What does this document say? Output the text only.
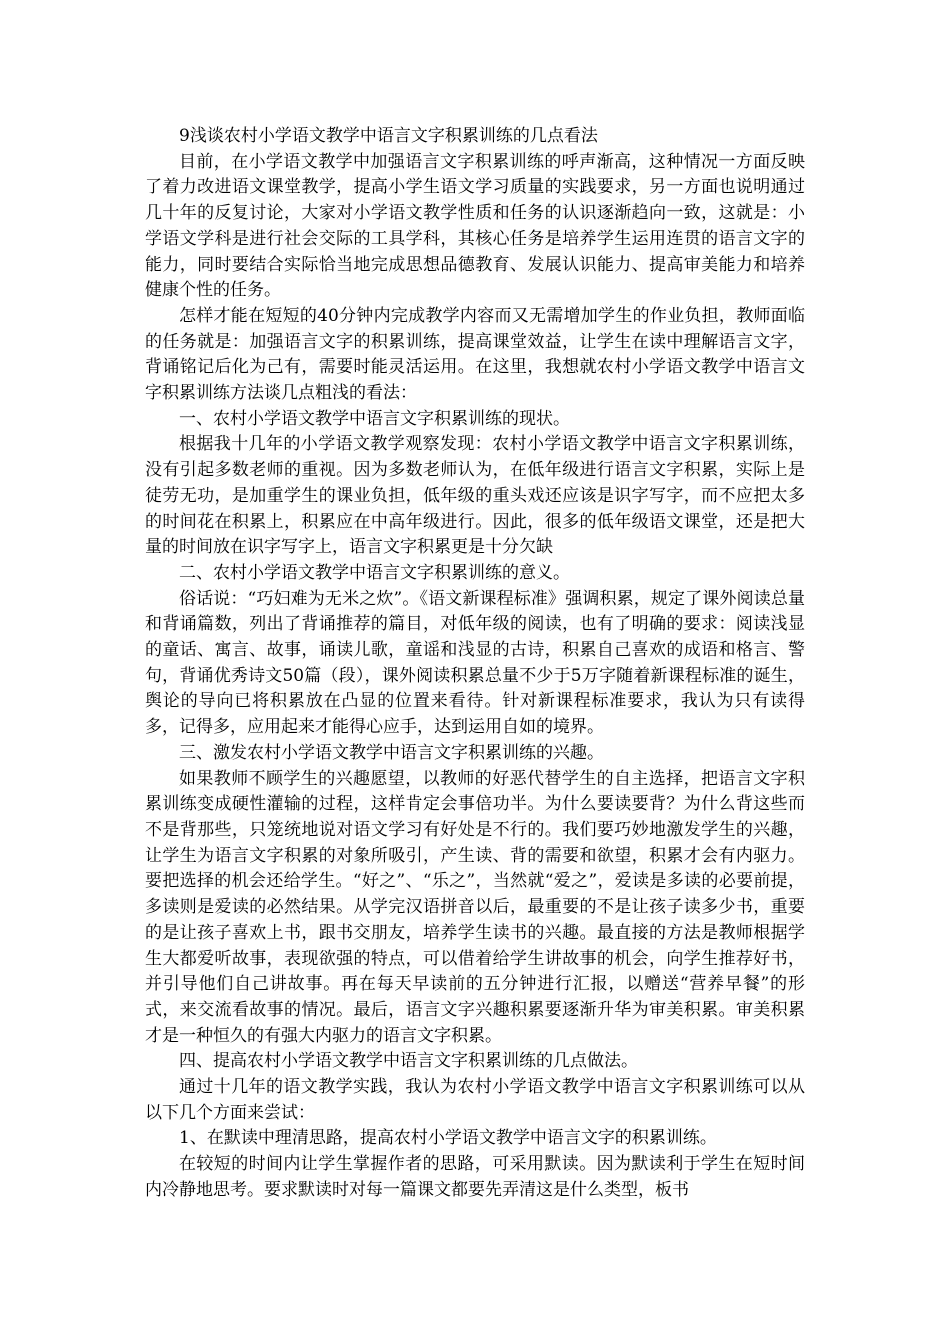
9浅谈农村小学语文教学中语言文字积累训练的几点看法

目前，在小学语文教学中加强语言文字积累训练的呼声渐高，这种情况一方面反映了着力改进语文课堂教学，提高小学生语文学习质量的实践要求，另一方面也说明通过几十年的反复讨论，大家对小学语文教学性质和任务的认识逐渐趋向一致，这就是：小学语文学科是进行社会交际的工具学科，其核心任务是培养学生运用连贯的语言文字的能力，同时要结合实际恰当地完成思想品德教育、发展认识能力、提高审美能力和培养健康个性的任务。

怎样才能在短短的40分钟内完成教学内容而又无需增加学生的作业负担，教师面临的任务就是：加强语言文字的积累训练，提高课堂效益，让学生在读中理解语言文字，背诵铭记后化为己有，需要时能灵活运用。在这里，我想就农村小学语文教学中语言文字积累训练方法谈几点粗浅的看法：

一、农村小学语文教学中语言文字积累训练的现状。

根据我十几年的小学语文教学观察发现：农村小学语文教学中语言文字积累训练，没有引起多数老师的重视。因为多数老师认为，在低年级进行语言文字积累，实际上是徒劳无功，是加重学生的课业负担，低年级的重头戏还应该是识字写字，而不应把太多的时间花在积累上，积累应在中高年级进行。因此，很多的低年级语文课堂，还是把大量的时间放在识字写字上，语言文字积累更是十分欠缺

二、农村小学语文教学中语言文字积累训练的意义。

俗话说：“巧妇难为无米之炊”。《语文新课程标准》强调积累，规定了课外阅读总量和背诵篇数，列出了背诵推荐的篇目，对低年级的阅读，也有了明确的要求：阅读浅显的童话、寓言、故事，诵读儿歌，童谣和浅显的古诗，积累自己喜欢的成语和格言、警句，背诵优秀诗文50篇（段），课外阅读积累总量不少于5万字随着新课程标准的诞生，舆论的导向已将积累放在凸显的位置来看待。针对新课程标准要求，我认为只有读得多，记得多，应用起来才能得心应手，达到运用自如的境界。

三、激发农村小学语文教学中语言文字积累训练的兴趣。

如果教师不顾学生的兴趣愿望，以教师的好恶代替学生的自主选择，把语言文字积累训练变成硬性灌输的过程，这样肯定会事倍功半。为什么要读要背？为什么背这些而不是背那些，只笼统地说对语文学习有好处是不行的。我们要巧妙地激发学生的兴趣，让学生为语言文字积累的对象所吸引，产生读、背的需要和欲望，积累才会有内驱力。要把选择的机会还给学生。“好之”、“乐之”，当然就“爱之”，爱读是多读的必要前提，多读则是爱读的必然结果。从学完汉语拼音以后，最重要的不是让孩子读多少书，重要的是让孩子喜欢上书，跟书交朋友，培养学生读书的兴趣。最直接的方法是教师根据学生大都爱听故事，表现欲强的特点，可以借着给学生讲故事的机会，向学生推荐好书，并引导他们自己讲故事。再在每天早读前的五分钟进行汇报，以赠送“营养早餐”的形式，来交流看故事的情况。最后，语言文字兴趣积累要逐渐升华为审美积累。审美积累才是一种恒久的有强大内驱力的语言文字积累。

四、提高农村小学语文教学中语言文字积累训练的几点做法。

通过十几年的语文教学实践，我认为农村小学语文教学中语言文字积累训练可以从以下几个方面来尝试：

1、在默读中理清思路，提高农村小学语文教学中语言文字的积累训练。

在较短的时间内让学生掌握作者的思路，可采用默读。因为默读利于学生在短时间内冷静地思考。要求默读时对每一篇课文都要先弄清这是什么类型，板书
